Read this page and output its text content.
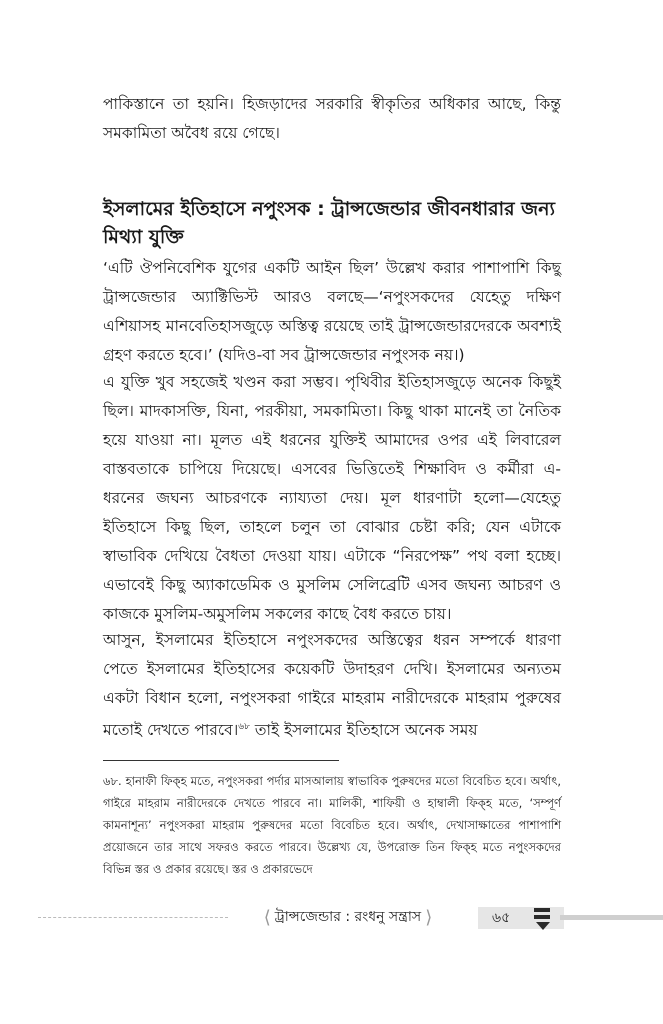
পাকিস্তানে তা হয়নি। হিজড়াদের সরকারি স্বীকৃতির অধিকার আছে, কিন্তু সমকামিতা অবৈধ রয়ে গেছে।

ইসলামের ইতিহাসে নপুংসক : ট্রান্সজেন্ডার জীবনধারার জন্য মিথ্যা যুক্তি

‘এটি ঔপনিবেশিক যুগের একটি আইন ছিল’ উল্লেখ করার পাশাপাশি কিছু ট্রান্সজেন্ডার অ্যাক্টিভিস্ট আরও বলছে—‘নপুংসকদের যেহেতু দক্ষিণ এশিয়াসহ মানবেতিহাসজুড়ে অস্তিত্ব রয়েছে তাই ট্রান্সজেন্ডারদেরকে অবশ্যই গ্রহণ করতে হবে।’ (যদিও-বা সব ট্রান্সজেন্ডার নপুংসক নয়।)

এ যুক্তি খুব সহজেই খণ্ডন করা সম্ভব। পৃথিবীর ইতিহাসজুড়ে অনেক কিছুই ছিল। মাদকাসক্তি, যিনা, পরকীয়া, সমকামিতা। কিছু থাকা মানেই তা নৈতিক হয়ে যাওয়া না। মূলত এই ধরনের যুক্তিই আমাদের ওপর এই লিবারেল বাস্তবতাকে চাপিয়ে দিয়েছে। এসবের ভিত্তিতেই শিক্ষাবিদ ও কর্মীরা এ-ধরনের জঘন্য আচরণকে ন্যায্যতা দেয়। মূল ধারণাটা হলো—যেহেতু ইতিহাসে কিছু ছিল, তাহলে চলুন তা বোঝার চেষ্টা করি; যেন এটাকে স্বাভাবিক দেখিয়ে বৈধতা দেওয়া যায়। এটাকে “নিরপেক্ষ” পথ বলা হচ্ছে। এভাবেই কিছু অ্যাকাডেমিক ও মুসলিম সেলিব্রেটি এসব জঘন্য আচরণ ও কাজকে মুসলিম-অমুসলিম সকলের কাছে বৈধ করতে চায়।

আসুন, ইসলামের ইতিহাসে নপুংসকদের অস্তিত্বের ধরন সম্পর্কে ধারণা পেতে ইসলামের ইতিহাসের কয়েকটি উদাহরণ দেখি। ইসলামের অন্যতম একটা বিধান হলো, নপুংসকরা গাইরে মাহরাম নারীদেরকে মাহরাম পুরুষের মতোই দেখতে পারবে।$^{৬৮}$ তাই ইসলামের ইতিহাসে অনেক সময়

৬৮. হানাফী ফিক্হ মতে, নপুংসকরা পর্দার মাসআলায় স্বাভাবিক পুরুষদের মতো বিবেচিত হবে। অর্থাৎ, গাইরে মাহরাম নারীদেরকে দেখতে পারবে না। মালিকী, শাফিয়ী ও হাম্বালী ফিক্হ মতে, ‘সম্পূর্ণ কামনাশূন্য’ নপুংসকরা মাহরাম পুরুষদের মতো বিবেচিত হবে। অর্থাৎ, দেখাসাক্ষাতের পাশাপাশি প্রয়োজনে তার সাথে সফরও করতে পারবে। উল্লেখ্য যে, উপরোক্ত তিন ফিক্হ মতে নপুংসকদের বিভিন্ন স্তর ও প্রকার রয়েছে। স্তর ও প্রকারভেদে

⟨ ট্রান্সজেন্ডার : রংধনু সন্ত্রাস ⟩	৬৫
